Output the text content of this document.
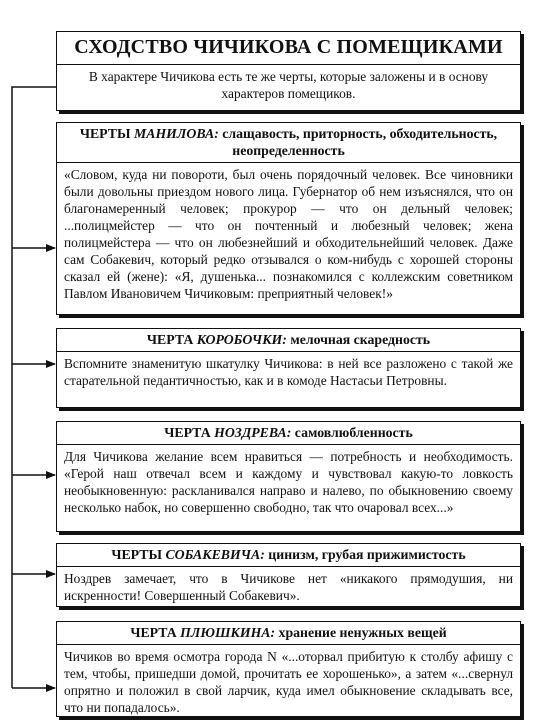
СХОДСТВО ЧИЧИКОВА С ПОМЕЩИКАМИ
В характере Чичикова есть те же черты, которые заложены и в основу характеров помещиков.
ЧЕРТЫ МАНИЛОВА: слащавость, приторность, обходительность, неопределенность
«Словом, куда ни повороти, был очень порядочный человек. Все чиновники были довольны приездом нового лица. Губернатор об нем изъяснялся, что он благонамеренный человек; прокурор — что он дельный человек; ...полицмейстер — что он почтенный и любезный человек; жена полицмейстера — что он любезнейший и обходительнейший человек. Даже сам Собакевич, который редко отзывался о ком-нибудь с хорошей стороны сказал ей (жене): «Я, душенька... познакомился с коллежским советником Павлом Ивановичем Чичиковым: преприятный человек!»
ЧЕРТА КОРОБОЧКИ: мелочная скаредность
Вспомните знаменитую шкатулку Чичикова: в ней все разложено с такой же старательной педантичностью, как и в комоде Настасьи Петровны.
ЧЕРТА НОЗДРЕВА: самовлюбленность
Для Чичикова желание всем нравиться — потребность и необходимость. «Герой наш отвечал всем и каждому и чувствовал какую-то ловкость необыкновенную: раскланивался направо и налево, по обыкновению своему несколько набок, но совершенно свободно, так что очаровал всех...»
ЧЕРТЫ СОБАКЕВИЧА: цинизм, грубая прижимистость
Ноздрев замечает, что в Чичикове нет «никакого прямодушия, ни искренности! Совершенный Собакевич».
ЧЕРТА ПЛЮШКИНА: хранение ненужных вещей
Чичиков во время осмотра города N «...оторвал прибитую к столбу афишу с тем, чтобы, пришедши домой, прочитать ее хорошенько», а затем «...свернул опрятно и положил в свой ларчик, куда имел обыкновение складывать все, что ни попадалось».
